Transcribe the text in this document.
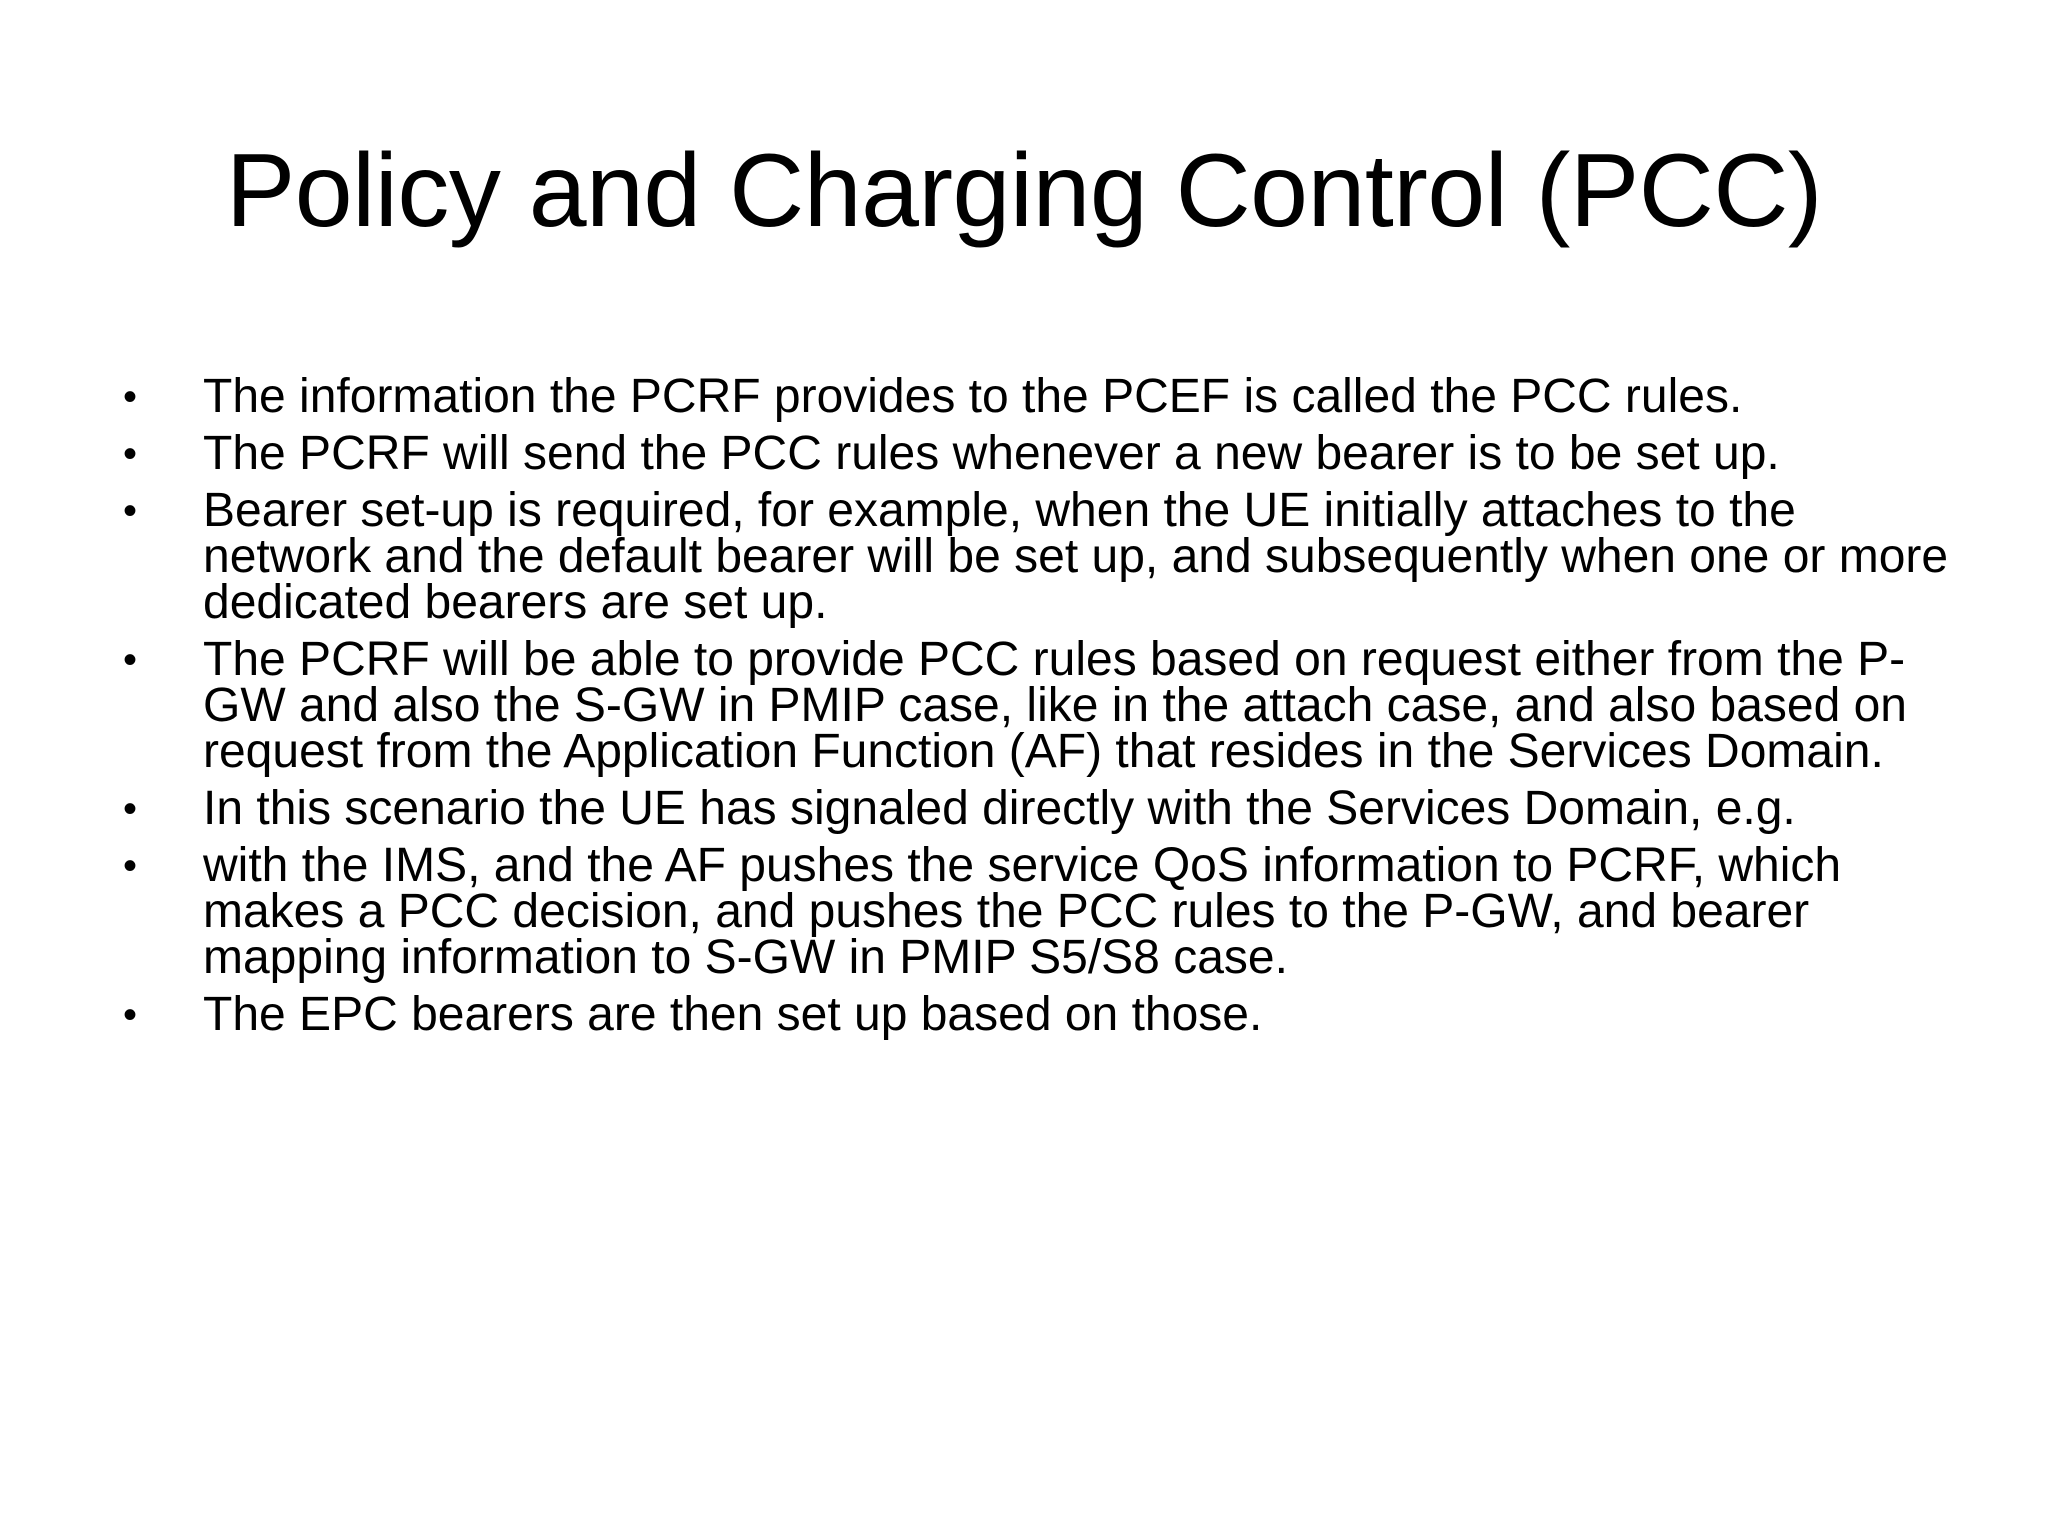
Policy and Charging Control (PCC)
• The information the PCRF provides to the PCEF is called the PCC rules.
• The PCRF will send the PCC rules whenever a new bearer is to be set up.
• Bearer set-up is required, for example, when the UE initially attaches to the network and the default bearer will be set up, and subsequently when one or more dedicated bearers are set up.
• The PCRF will be able to provide PCC rules based on request either from the P-GW and also the S-GW in PMIP case, like in the attach case, and also based on request from the Application Function (AF) that resides in the Services Domain.
• In this scenario the UE has signaled directly with the Services Domain, e.g.
• with the IMS, and the AF pushes the service QoS information to PCRF, which makes a PCC decision, and pushes the PCC rules to the P-GW, and bearer mapping information to S-GW in PMIP S5/S8 case.
• The EPC bearers are then set up based on those.
